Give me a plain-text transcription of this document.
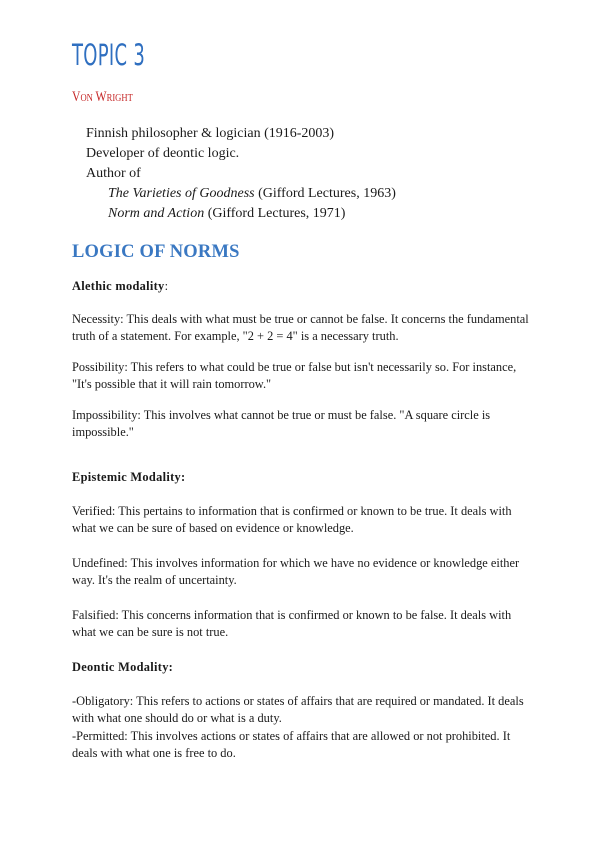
TOPIC 3
Von Wright
Finnish philosopher & logician (1916-2003)
Developer of deontic logic.
Author of
The Varieties of Goodness (Gifford Lectures, 1963)
Norm and Action (Gifford Lectures, 1971)
LOGIC OF NORMS

Alethic modality:

Necessity: This deals with what must be true or cannot be false. It concerns the fundamental truth of a statement. For example, "2 + 2 = 4" is a necessary truth.

Possibility: This refers to what could be true or false but isn't necessarily so. For instance, "It's possible that it will rain tomorrow."

Impossibility: This involves what cannot be true or must be false. "A square circle is impossible."

Epistemic Modality:

Verified: This pertains to information that is confirmed or known to be true. It deals with what we can be sure of based on evidence or knowledge.

Undefined: This involves information for which we have no evidence or knowledge either way. It's the realm of uncertainty.

Falsified: This concerns information that is confirmed or known to be false. It deals with what we can be sure is not true.

Deontic Modality:

-Obligatory: This refers to actions or states of affairs that are required or mandated. It deals with what one should do or what is a duty.

-Permitted: This involves actions or states of affairs that are allowed or not prohibited. It deals with what one is free to do.
